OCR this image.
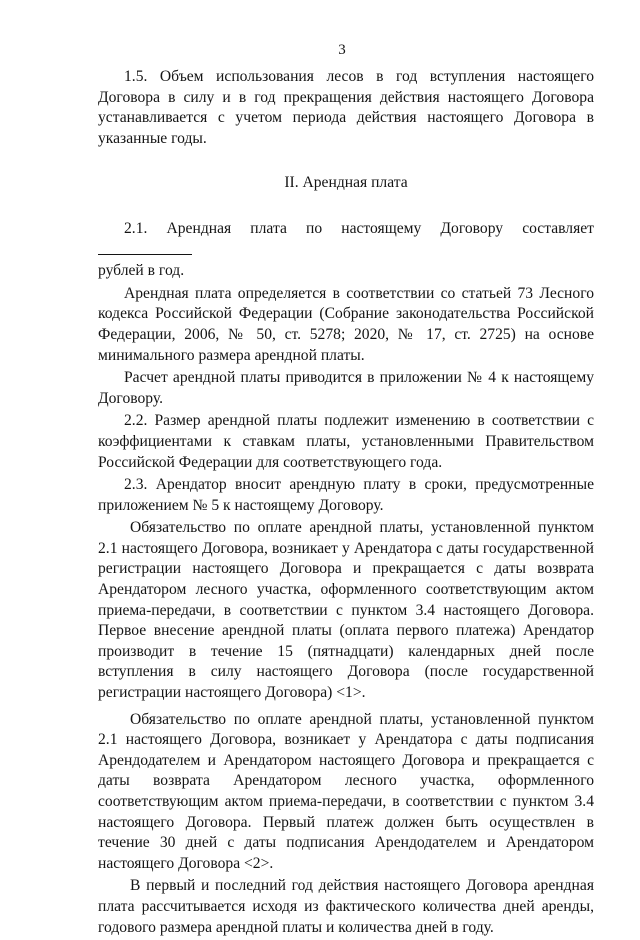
3

1.5. Объем использования лесов в год вступления настоящего Договора в силу и в год прекращения действия настоящего Договора устанавливается с учетом периода действия настоящего Договора в указанные годы.

II. Арендная плата

2.1. Арендная плата по настоящему Договору составляет

рублей в год.

Арендная плата определяется в соответствии со статьей 73 Лесного кодекса Российской Федерации (Собрание законодательства Российской Федерации, 2006, № 50, ст. 5278; 2020, № 17, ст. 2725) на основе минимального размера арендной платы.

Расчет арендной платы приводится в приложении № 4 к настоящему Договору.

2.2. Размер арендной платы подлежит изменению в соответствии с коэффициентами к ставкам платы, установленными Правительством Российской Федерации для соответствующего года.

2.3. Арендатор вносит арендную плату в сроки, предусмотренные приложением № 5 к настоящему Договору.

Обязательство по оплате арендной платы, установленной пунктом 2.1 настоящего Договора, возникает у Арендатора с даты государственной регистрации настоящего Договора и прекращается с даты возврата Арендатором лесного участка, оформленного соответствующим актом приема-передачи, в соответствии с пунктом 3.4 настоящего Договора. Первое внесение арендной платы (оплата первого платежа) Арендатор производит в течение 15 (пятнадцати) календарных дней после вступления в силу настоящего Договора (после государственной регистрации настоящего Договора) <1>.

Обязательство по оплате арендной платы, установленной пунктом 2.1 настоящего Договора, возникает у Арендатора с даты подписания Арендодателем и Арендатором настоящего Договора и прекращается с даты возврата Арендатором лесного участка, оформленного соответствующим актом приема-передачи, в соответствии с пунктом 3.4 настоящего Договора. Первый платеж должен быть осуществлен в течение 30 дней с даты подписания Арендодателем и Арендатором настоящего Договора <2>.

В первый и последний год действия настоящего Договора арендная плата рассчитывается исходя из фактического количества дней аренды, годового размера арендной платы и количества дней в году.
